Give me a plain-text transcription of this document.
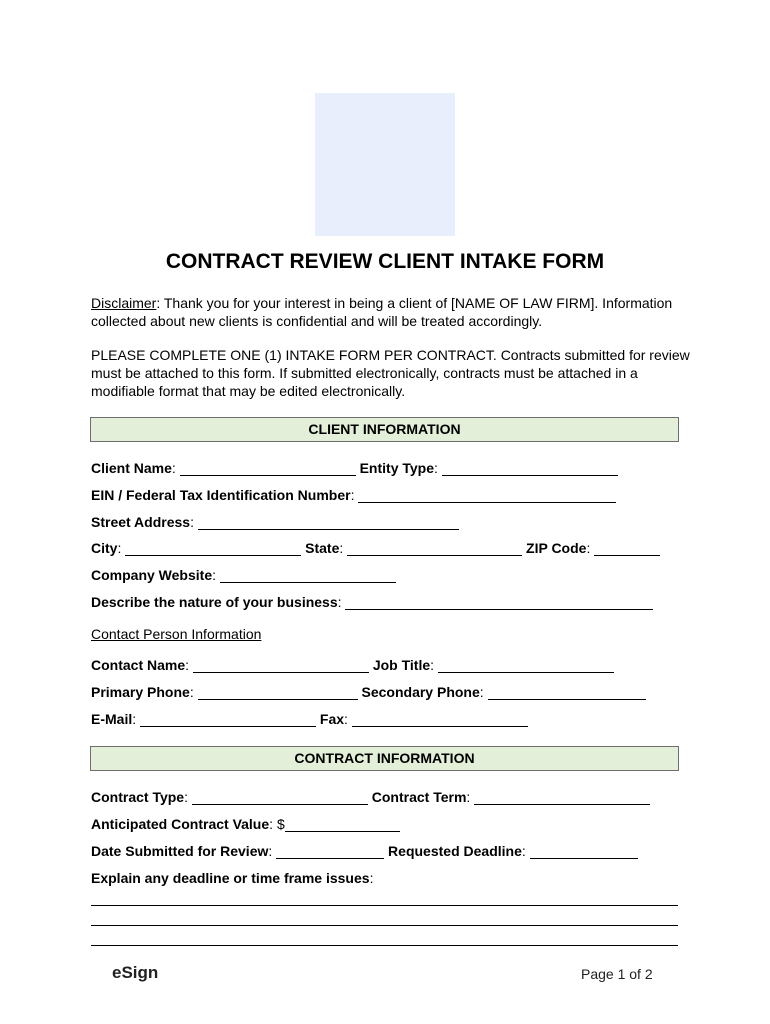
CONTRACT REVIEW CLIENT INTAKE FORM
Disclaimer: Thank you for your interest in being a client of [NAME OF LAW FIRM]. Information collected about new clients is confidential and will be treated accordingly.
PLEASE COMPLETE ONE (1) INTAKE FORM PER CONTRACT. Contracts submitted for review must be attached to this form. If submitted electronically, contracts must be attached in a modifiable format that may be edited electronically.
CLIENT INFORMATION
Client Name:	Entity Type:
EIN / Federal Tax Identification Number:
Street Address:
City:	State:	ZIP Code:
Company Website:
Describe the nature of your business:
Contact Person Information
Contact Name:	Job Title:
Primary Phone:	Secondary Phone:
E-Mail:	Fax:
CONTRACT INFORMATION
Contract Type:	Contract Term:
Anticipated Contract Value: $
Date Submitted for Review:	Requested Deadline:
Explain any deadline or time frame issues:
eSign	Page 1 of 2
